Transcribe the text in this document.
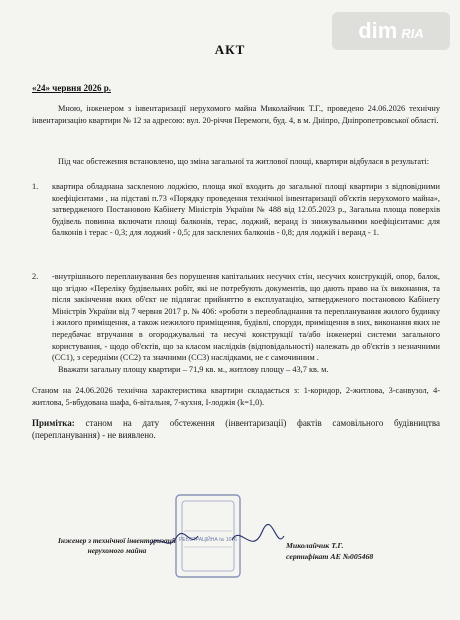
dim RIA
АКТ
«24» червня 2026 р.
Мною, інженером з інвентаризації нерухомого майна Миколайчик Т.Г., проведено 24.06.2026 технічну інвентаризацію квартири № 12 за адресою: вул. 20-річчя Перемоги, буд. 4, в м. Дніпро, Дніпропетровської області.
Під час обстеження встановлено, що зміна загальної та житлової площі, квартири відбулася в результаті:
1.	квартира обладнана заскленою лоджією, площа якої входить до загальної площі квартири з відповідними коефіцієнтами , на підставі п.73 «Порядку проведення технічної інвентаризації об'єктів нерухомого майна», затвердженого Постановою Кабінету Міністрів України № 488 від 12.05.2023 р., Загальна площа поверхів будівель повинна включати площі балконів, терас, лоджий, веранд із знижувальними коефіцієнтами: для балконів і терас - 0,3; для лоджий - 0,5; для засклених балконів - 0,8; для лоджій і веранд - 1.
2.	-внутрішнього перепланування без порушення капітальних несучих стін, несучих конструкцій, опор, балок, що згідно «Переліку будівельних робіт, які не потребують документів, що дають право на їх виконання, та після закінчення яких об'єкт не підлягає прийняттю в експлуатацію, затвердженого постановою Кабінету Міністрів України від 7 червня 2017 р. № 406: «роботи з переобладнання та перепланування жилого будинку і жилого приміщення, а також нежилого приміщення, будівлі, споруди, приміщення в них, виконання яких не передбачає втручання в огороджувальні та несучі конструкції та/або інженерні системи загального користування, - щодо об'єктів, що за класом наслідків (відповідальності) належать до об'єктів з незначними (СС1), з середніми (СС2) та значними (СС3) наслідками, не є самочинним .
Вважати загальну площу квартири – 71,9 кв. м., житлову площу – 43,7 кв. м.
Станом на 24.06.2026 технічна характеристика квартири складається з: 1-коридор, 2-житлова, 3-санвузол, 4-житлова, 5-вбудована шафа, 6-вітальня, 7-кухня, I-лоджія (k=1,0).
Примітка: станом на дату обстеження (інвентаризації) фактів самовільного будівництва (перепланування) - не виявлено.
Інженер з технічної інвентаризації нерухомого майна
РЕЄСТРАЦІЙНА № 1076
Миколайчик Т.Г.
сертифікат АЕ №005468
